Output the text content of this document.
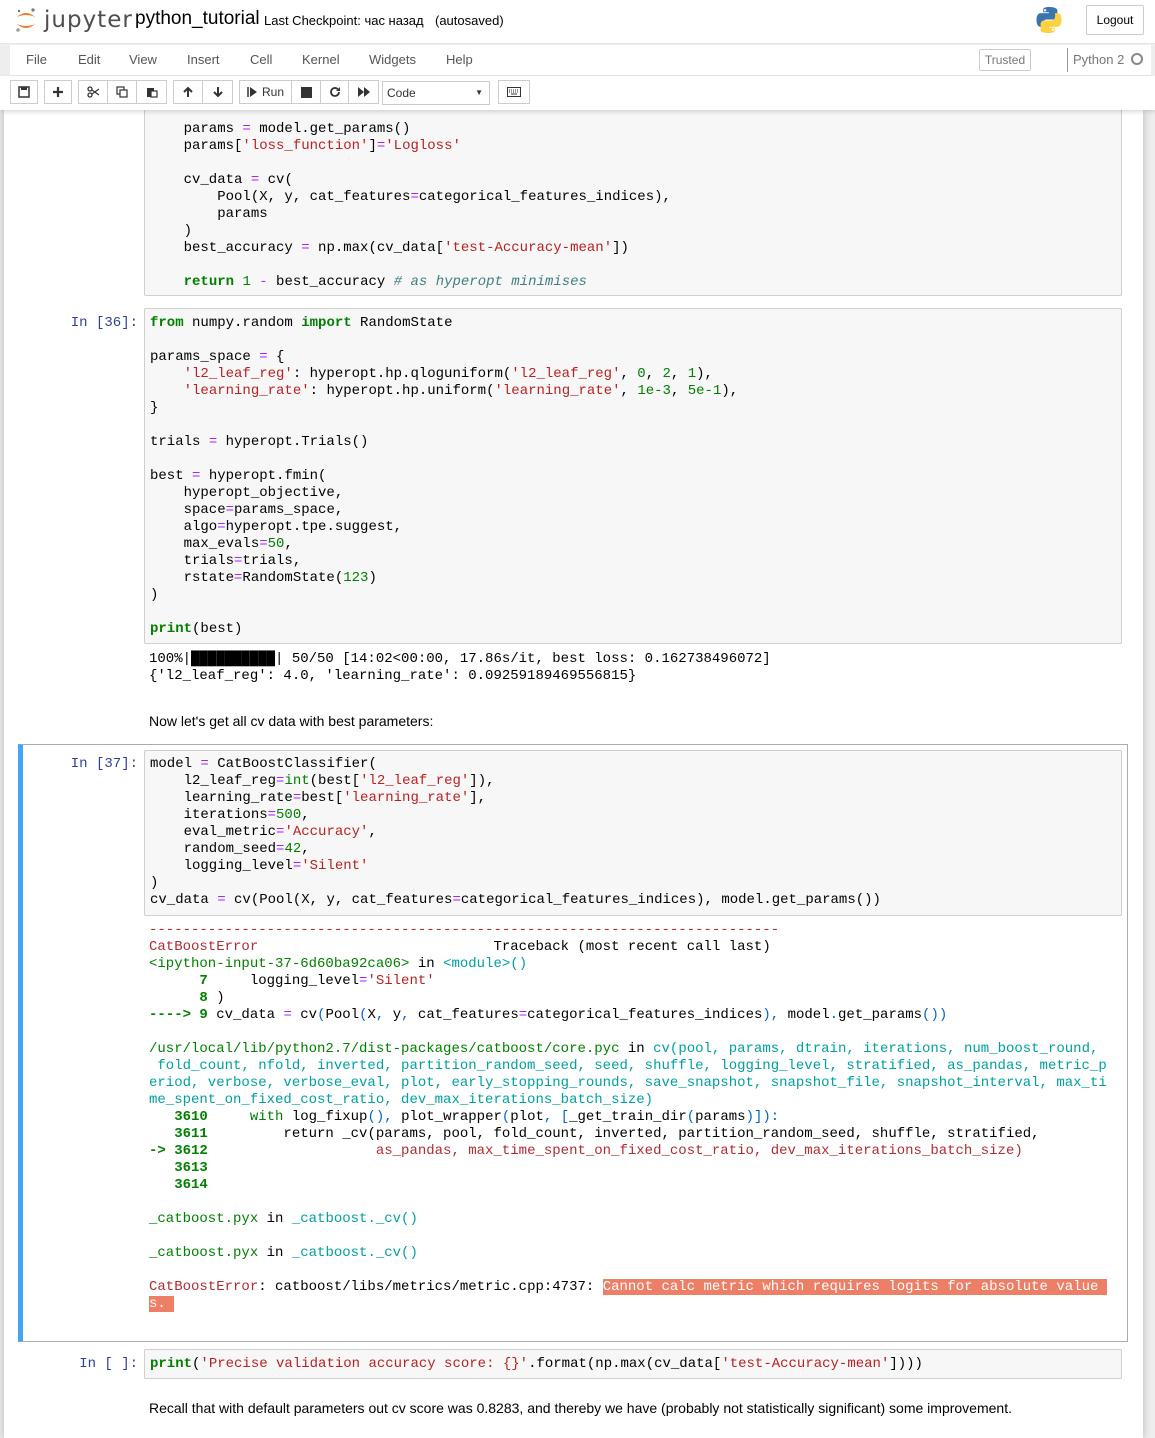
jupyter python_tutorial Last Checkpoint: час назад (autosaved)	Logout
File Edit View Insert Cell Kernel Widgets Help	Trusted	Python 2
Run	Code	▼
params = model.get_params()
params['loss_function']='Logloss'

cv_data = cv(
Pool(X, y, cat_features=categorical_features_indices),
params
)
best_accuracy = np.max(cv_data['test-Accuracy-mean'])

return 1 - best_accuracy # as hyperopt minimises
In [36]: from numpy.random import RandomState

params_space = {
'l2_leaf_reg': hyperopt.hp.qloguniform('l2_leaf_reg', 0, 2, 1),
'learning_rate': hyperopt.hp.uniform('learning_rate', 1e-3, 5e-1),
}

trials = hyperopt.Trials()

best = hyperopt.fmin(
hyperopt_objective,
space=params_space,
algo=hyperopt.tpe.suggest,
max_evals=50,
trials=trials,
rstate=RandomState(123)
)

print(best)
100%|██████████| 50/50 [14:02<00:00, 17.86s/it, best loss: 0.162738496072]
{'l2_leaf_reg': 4.0, 'learning_rate': 0.09259189469556815}
Now let's get all cv data with best parameters:
In [37]: model = CatBoostClassifier(
l2_leaf_reg=int(best['l2_leaf_reg']),
learning_rate=best['learning_rate'],
iterations=500,
eval_metric='Accuracy',
random_seed=42,
logging_level='Silent'
)
cv_data = cv(Pool(X, y, cat_features=categorical_features_indices), model.get_params())
---------------------------------------------------------------------------
CatBoostError	Traceback (most recent call last)
<ipython-input-37-6d60ba92ca06> in <module>()
7     logging_level='Silent'
8 )
----> 9 cv_data = cv(Pool(X, y, cat_features=categorical_features_indices), model.get_params())

/usr/local/lib/python2.7/dist-packages/catboost/core.pyc in cv(pool, params, dtrain, iterations, num_boost_round,
fold_count, nfold, inverted, partition_random_seed, seed, shuffle, logging_level, stratified, as_pandas, metric_p
eriod, verbose, verbose_eval, plot, early_stopping_rounds, save_snapshot, snapshot_file, snapshot_interval, max_ti
me_spent_on_fixed_cost_ratio, dev_max_iterations_batch_size)
3610	with log_fixup(), plot_wrapper(plot, [_get_train_dir(params)]):
3611         return _cv(params, pool, fold_count, inverted, partition_random_seed, shuffle, stratified,
-> 3612                    as_pandas, max_time_spent_on_fixed_cost_ratio, dev_max_iterations_batch_size)
3613
3614

_catboost.pyx in _catboost._cv()

_catboost.pyx in _catboost._cv()

CatBoostError: catboost/libs/metrics/metric.cpp:4737: Cannot calc metric which requires logits for absolute value
s.
In [ ]: print('Precise validation accuracy score: {}'.format(np.max(cv_data['test-Accuracy-mean'])))
Recall that with default parameters out cv score was 0.8283, and thereby we have (probably not statistically significant) some improvement.
